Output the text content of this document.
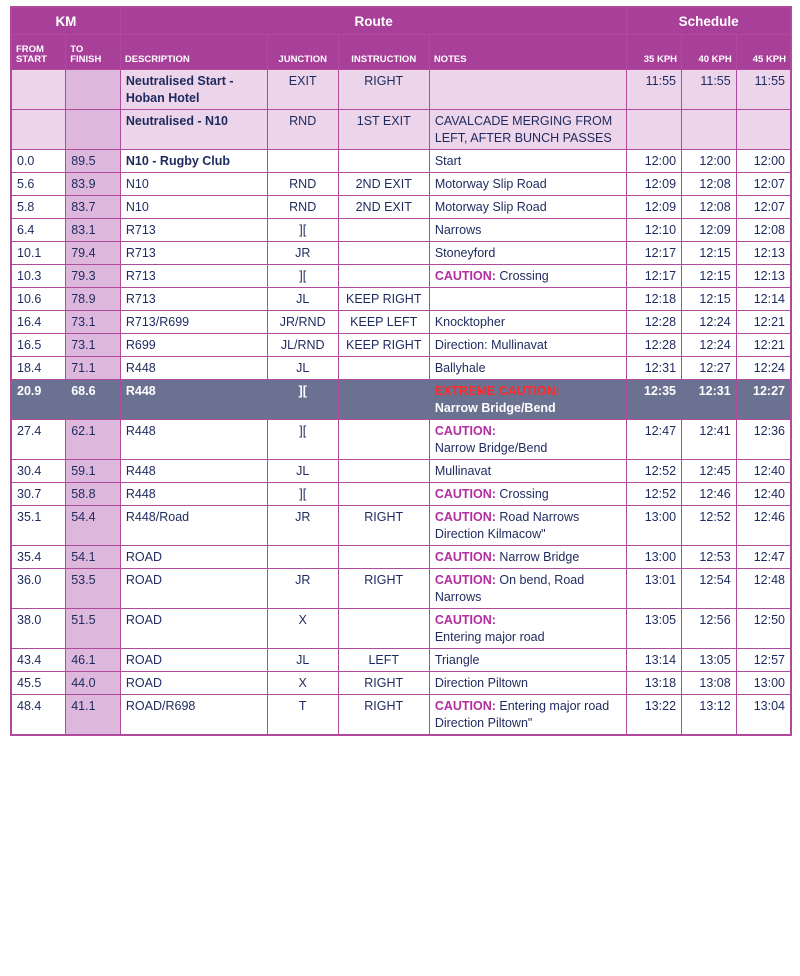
KM		Route				Schedule		
FROM START	TO FINISH	DESCRIPTION	JUNCTION	INSTRUCTION	NOTES	35 KPH	40 KPH	45 KPH
		Neutralised Start - Hoban Hotel	EXIT	RIGHT		11:55	11:55	11:55
		Neutralised - N10	RND	1ST EXIT	CAVALCADE MERGING FROM LEFT, AFTER BUNCH PASSES			
0.0	89.5	N10 - Rugby Club			Start	12:00	12:00	12:00
5.6	83.9	N10	RND	2ND EXIT	Motorway Slip Road	12:09	12:08	12:07
5.8	83.7	N10	RND	2ND EXIT	Motorway Slip Road	12:09	12:08	12:07
6.4	83.1	R713	][		Narrows	12:10	12:09	12:08
10.1	79.4	R713	JR		Stoneyford	12:17	12:15	12:13
10.3	79.3	R713	][		CAUTION: Crossing	12:17	12:15	12:13
10.6	78.9	R713	JL	KEEP RIGHT		12:18	12:15	12:14
16.4	73.1	R713/R699	JR/RND	KEEP LEFT	Knocktopher	12:28	12:24	12:21
16.5	73.1	R699	JL/RND	KEEP RIGHT	Direction: Mullinavat	12:28	12:24	12:21
18.4	71.1	R448	JL		Ballyhale	12:31	12:27	12:24
20.9	68.6	R448	][		EXTREME CAUTION:
Narrow Bridge/Bend	12:35	12:31	12:27
27.4	62.1	R448	][		CAUTION:
Narrow Bridge/Bend	12:47	12:41	12:36
30.4	59.1	R448	JL		Mullinavat	12:52	12:45	12:40
30.7	58.8	R448	][		CAUTION: Crossing	12:52	12:46	12:40
35.1	54.4	R448/Road	JR	RIGHT	CAUTION: Road Narrows Direction Kilmacow"	13:00	12:52	12:46
35.4	54.1	ROAD			CAUTION: Narrow Bridge	13:00	12:53	12:47
36.0	53.5	ROAD	JR	RIGHT	CAUTION: On bend, Road Narrows	13:01	12:54	12:48
38.0	51.5	ROAD	X		CAUTION:
Entering major road	13:05	12:56	12:50
43.4	46.1	ROAD	JL	LEFT	Triangle	13:14	13:05	12:57
45.5	44.0	ROAD	X	RIGHT	Direction Piltown	13:18	13:08	13:00
48.4	41.1	ROAD/R698	T	RIGHT	CAUTION: Entering major road Direction Piltown"	13:22	13:12	13:04
